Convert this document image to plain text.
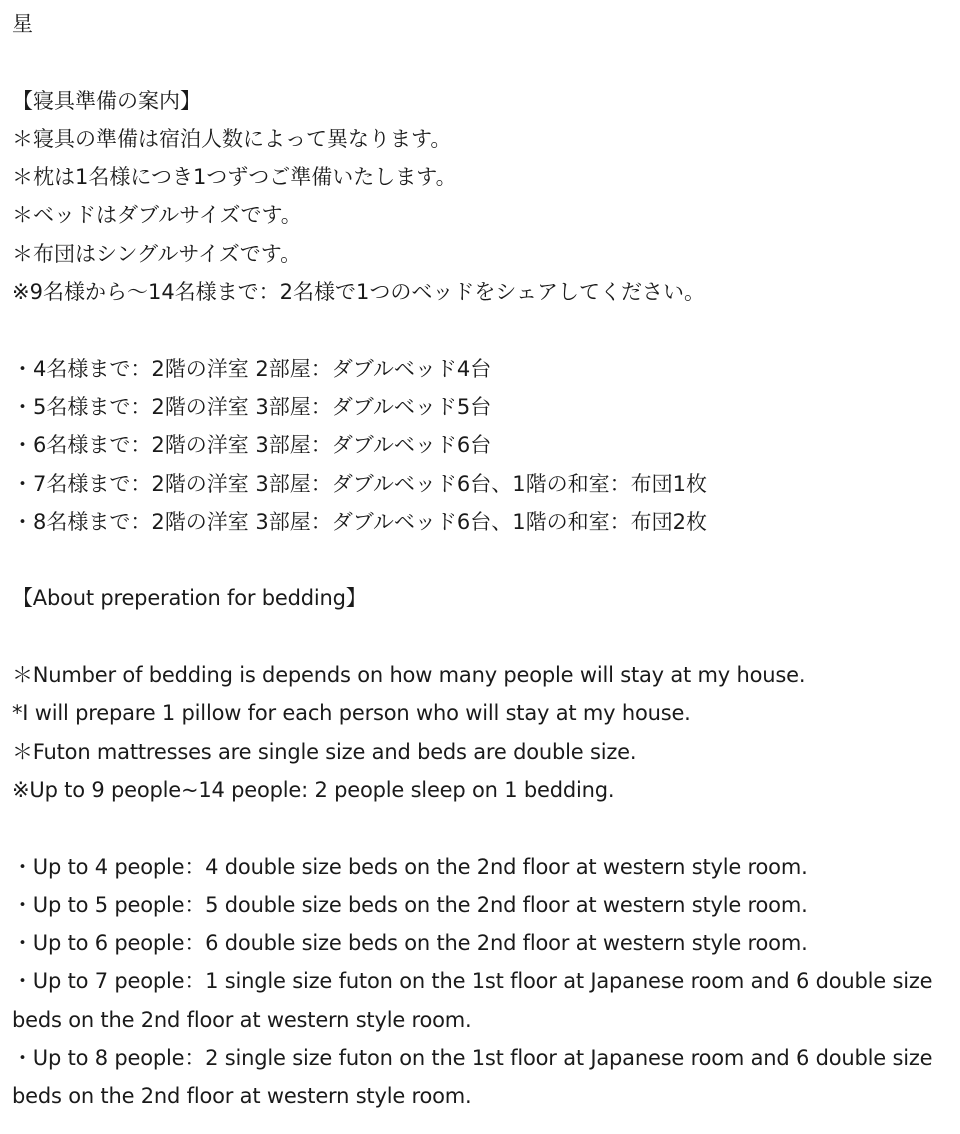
星
【寝具準備の案内】
＊寝具の準備は宿泊人数によって異なります。
＊枕は1名様につき1つずつご準備いたします。
＊ベッドはダブルサイズです。
＊布団はシングルサイズです。
※9名様から〜14名様まで：2名様で1つのベッドをシェアしてください。
・4名様まで：2階の洋室 2部屋：ダブルベッド4台
・5名様まで：2階の洋室 3部屋：ダブルベッド5台
・6名様まで：2階の洋室 3部屋：ダブルベッド6台
・7名様まで：2階の洋室 3部屋：ダブルベッド6台、1階の和室：布団1枚
・8名様まで：2階の洋室 3部屋：ダブルベッド6台、1階の和室：布団2枚
【About preperation for bedding】
＊Number of bedding is depends on how many people will stay at my house.
*I will prepare 1 pillow for each person who will stay at my house.
＊Futon mattresses are single size and beds are double size.
※Up to 9 people~14 people: 2 people sleep on 1 bedding.
・Up to 4 people：4 double size beds on the 2nd floor at western style room.
・Up to 5 people：5 double size beds on the 2nd floor at western style room.
・Up to 6 people：6 double size beds on the 2nd floor at western style room.
・Up to 7 people：1 single size futon on the 1st floor at Japanese room and 6 double size beds on the 2nd floor at western style room.
・Up to 8 people：2 single size futon on the 1st floor at Japanese room and 6 double size beds on the 2nd floor at western style room.
